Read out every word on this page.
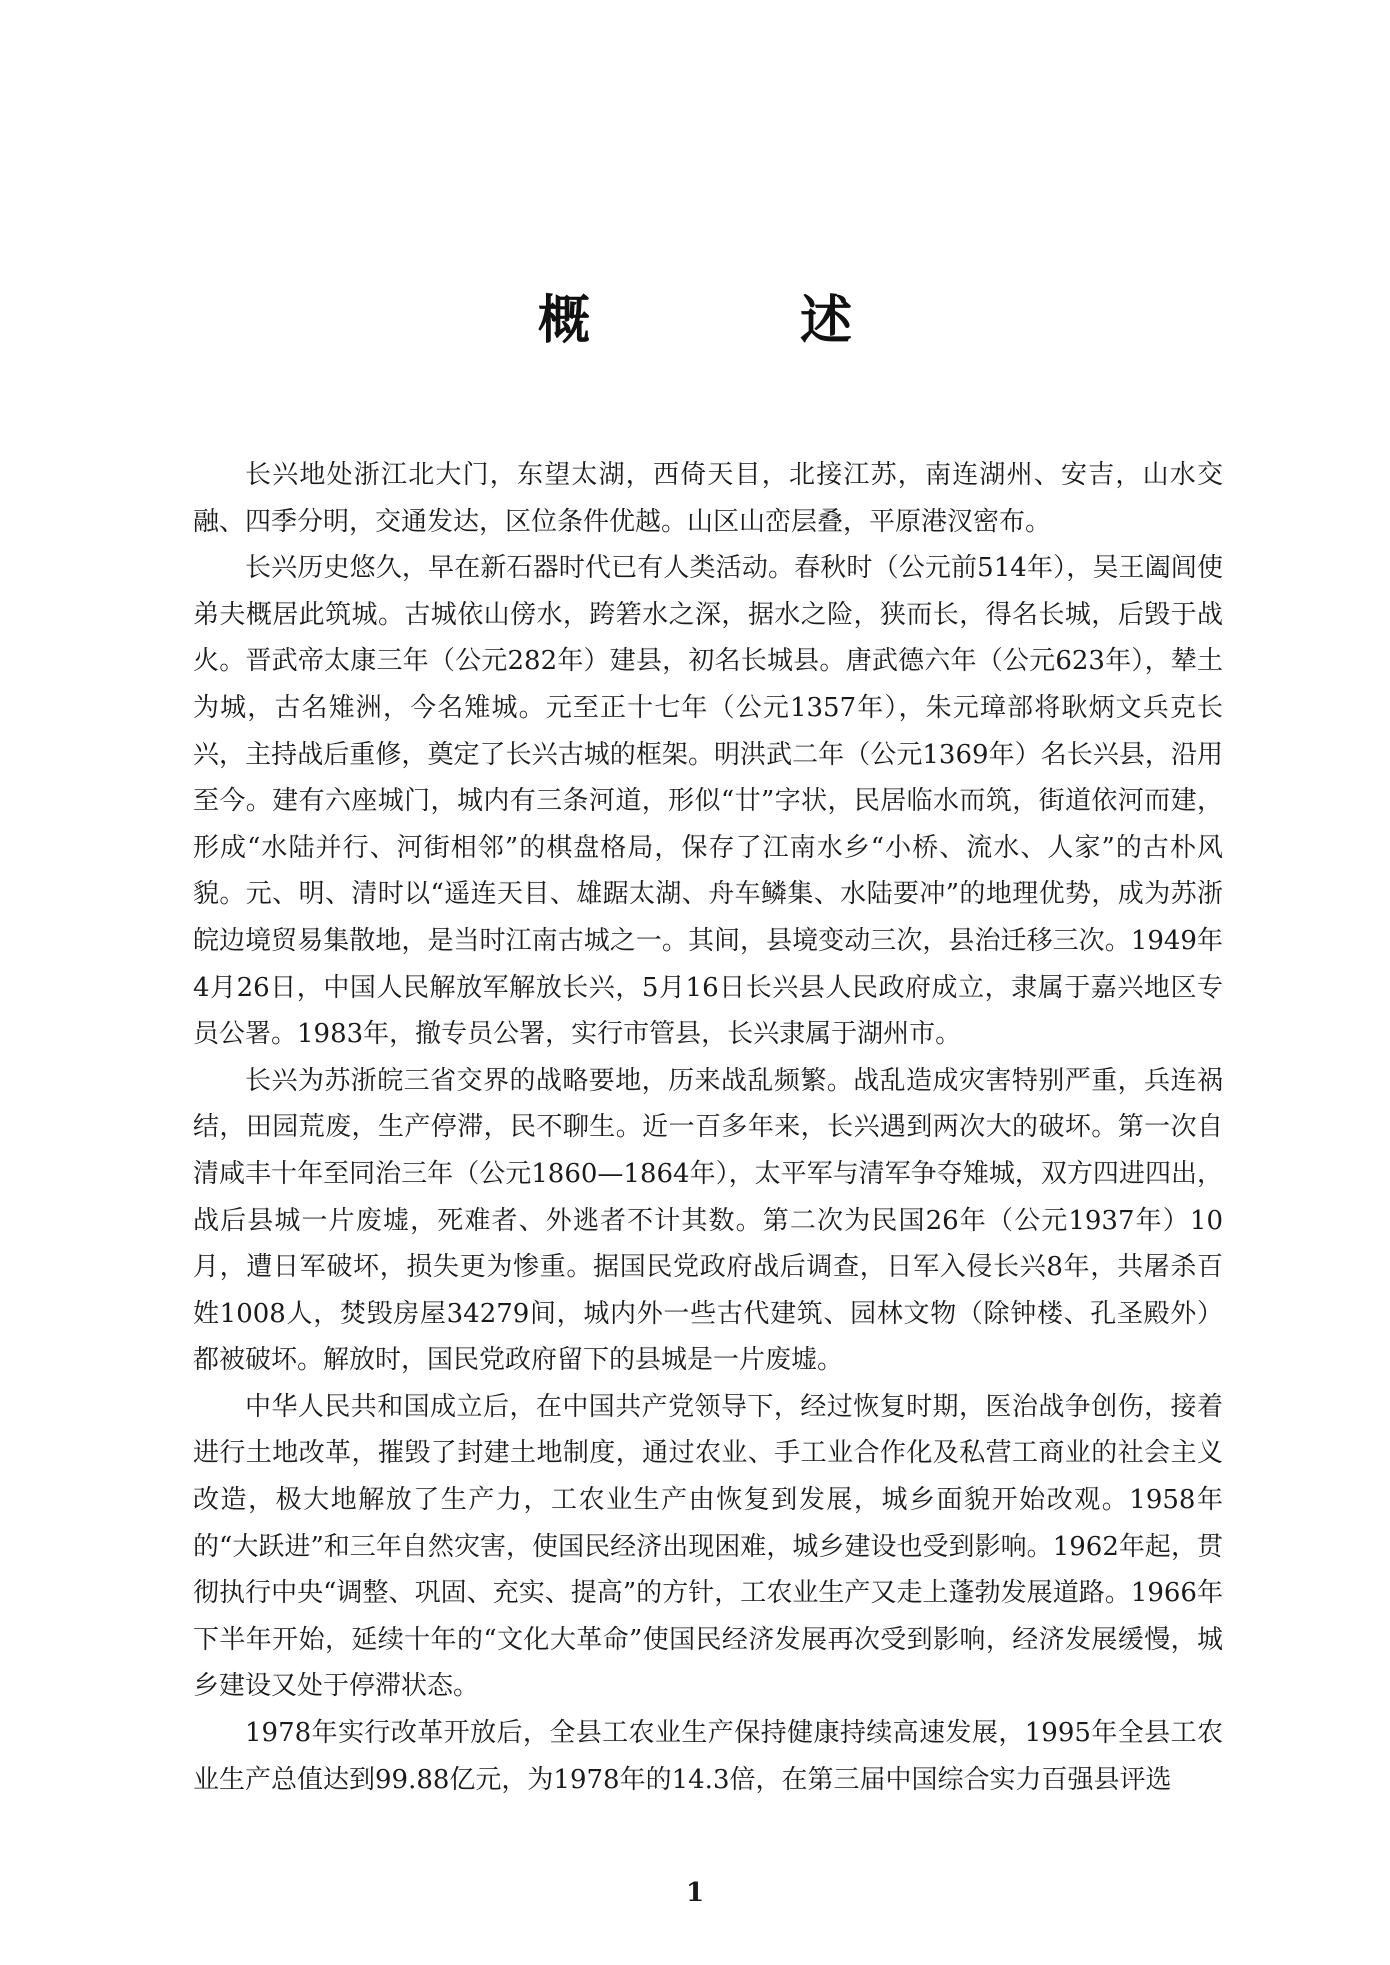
概 述

长兴地处浙江北大门，东望太湖，西倚天目，北接江苏，南连湖州、安吉，山水交融、四季分明，交通发达，区位条件优越。山区山峦层叠，平原港汊密布。

长兴历史悠久，早在新石器时代已有人类活动。春秋时（公元前514年），吴王阖闾使弟夫概居此筑城。古城依山傍水，跨箬水之深，据水之险，狭而长，得名长城，后毁于战火。晋武帝太康三年（公元282年）建县，初名长城县。唐武德六年（公元623年），辇土为城，古名雉洲，今名雉城。元至正十七年（公元1357年），朱元璋部将耿炳文兵克长兴，主持战后重修，奠定了长兴古城的框架。明洪武二年（公元1369年）名长兴县，沿用至今。建有六座城门，城内有三条河道，形似“廿”字状，民居临水而筑，街道依河而建，形成“水陆并行、河街相邻”的棋盘格局，保存了江南水乡“小桥、流水、人家”的古朴风貌。元、明、清时以“遥连天目、雄踞太湖、舟车鳞集、水陆要冲”的地理优势，成为苏浙皖边境贸易集散地，是当时江南古城之一。其间，县境变动三次，县治迁移三次。1949年4月26日，中国人民解放军解放长兴，5月16日长兴县人民政府成立，隶属于嘉兴地区专员公署。1983年，撤专员公署，实行市管县，长兴隶属于湖州市。

长兴为苏浙皖三省交界的战略要地，历来战乱频繁。战乱造成灾害特别严重，兵连祸结，田园荒废，生产停滞，民不聊生。近一百多年来，长兴遇到两次大的破坏。第一次自清咸丰十年至同治三年（公元1860—1864年），太平军与清军争夺雉城，双方四进四出，战后县城一片废墟，死难者、外逃者不计其数。第二次为民国26年（公元1937年）10月，遭日军破坏，损失更为惨重。据国民党政府战后调查，日军入侵长兴8年，共屠杀百姓1008人，焚毁房屋34279间，城内外一些古代建筑、园林文物（除钟楼、孔圣殿外）都被破坏。解放时，国民党政府留下的县城是一片废墟。

中华人民共和国成立后，在中国共产党领导下，经过恢复时期，医治战争创伤，接着进行土地改革，摧毁了封建土地制度，通过农业、手工业合作化及私营工商业的社会主义改造，极大地解放了生产力，工农业生产由恢复到发展，城乡面貌开始改观。1958年的“大跃进”和三年自然灾害，使国民经济出现困难，城乡建设也受到影响。1962年起，贯彻执行中央“调整、巩固、充实、提高”的方针，工农业生产又走上蓬勃发展道路。1966年下半年开始，延续十年的“文化大革命”使国民经济发展再次受到影响，经济发展缓慢，城乡建设又处于停滞状态。

1978年实行改革开放后，全县工农业生产保持健康持续高速发展，1995年全县工农业生产总值达到99.88亿元，为1978年的14.3倍，在第三届中国综合实力百强县评选

1
